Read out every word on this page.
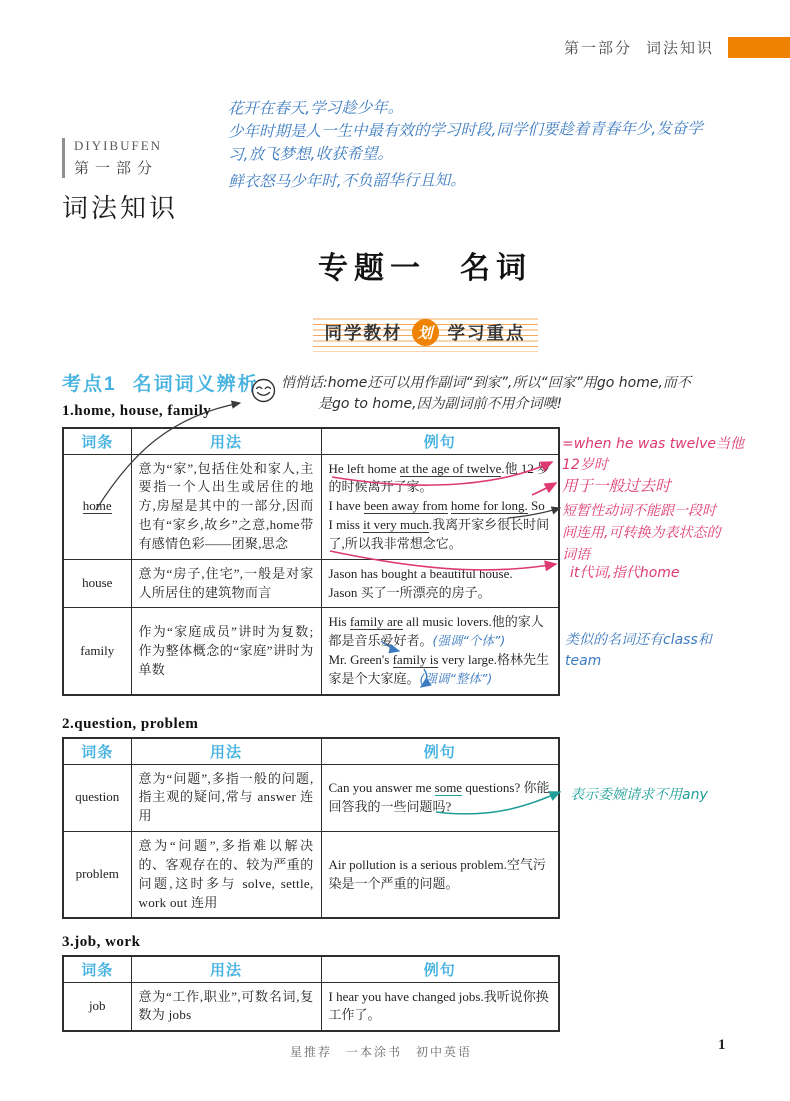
第一部分 词法知识
花开在春天,学习趁少年。
少年时期是人一生中最有效的学习时段,同学们要趁着青春年少,发奋学
习,放飞梦想,收获希望。
鲜衣怒马少年时,不负韶华行且知。
DIYIBUFEN
第一部分
词法知识
专题一 名词
同学教材 划 学习重点
考点1 名词词义辨析 悄悄话:home还可以用作副词“到家”,所以“回家”用go home,而不
是go to home,因为副词前不用介词噢!
1.home, house, family
词条	用法	例句
home	意为“家”,包括住处和家人,主要指一个人出生或居住的地方,房屋是其中的一部分,因而也有“家乡,故乡”之意,home带有感情色彩——团聚,思念	He left home at the age of twelve.他 12 岁的时候离开了家。

I have been away from home for long. So I miss it very much.我离开家乡很长时间了,所以我非常想念它。

house	意为“房子,住宅”,一般是对家人所居住的建筑物而言	Jason has bought a beautiful house.

Jason 买了一所漂亮的房子。

family	作为“家庭成员”讲时为复数;作为整体概念的“家庭”讲时为单数	His family are all music lovers.他的家人都是音乐爱好者。(强调“个体”)

Mr. Green's family is very large.格林先生家是个大家庭。(强调“整体”)

2.question, problem
词条	用法	例句
question	意为“问题”,多指一般的问题,指主观的疑问,常与 answer 连用	Can you answer me some questions? 你能回答我的一些问题吗?

problem	意为“问题”,多指难以解决的、客观存在的、较为严重的问题,这时多与 solve, settle, work out 连用	Air pollution is a serious problem.空气污染是一个严重的问题。

3.job, work
词条	用法	例句
job	意为“工作,职业”,可数名词,复数为 jobs	I hear you have changed jobs.我听说你换工作了。

=when he was twelve当他
12岁时
用于一般过去时
短暂性动词不能跟一段时
间连用,可转换为表状态的
词语
it代词,指代home
类似的名词还有class和
team
表示委婉请求不用any
星推荐　一本涂书　初中英语	1
